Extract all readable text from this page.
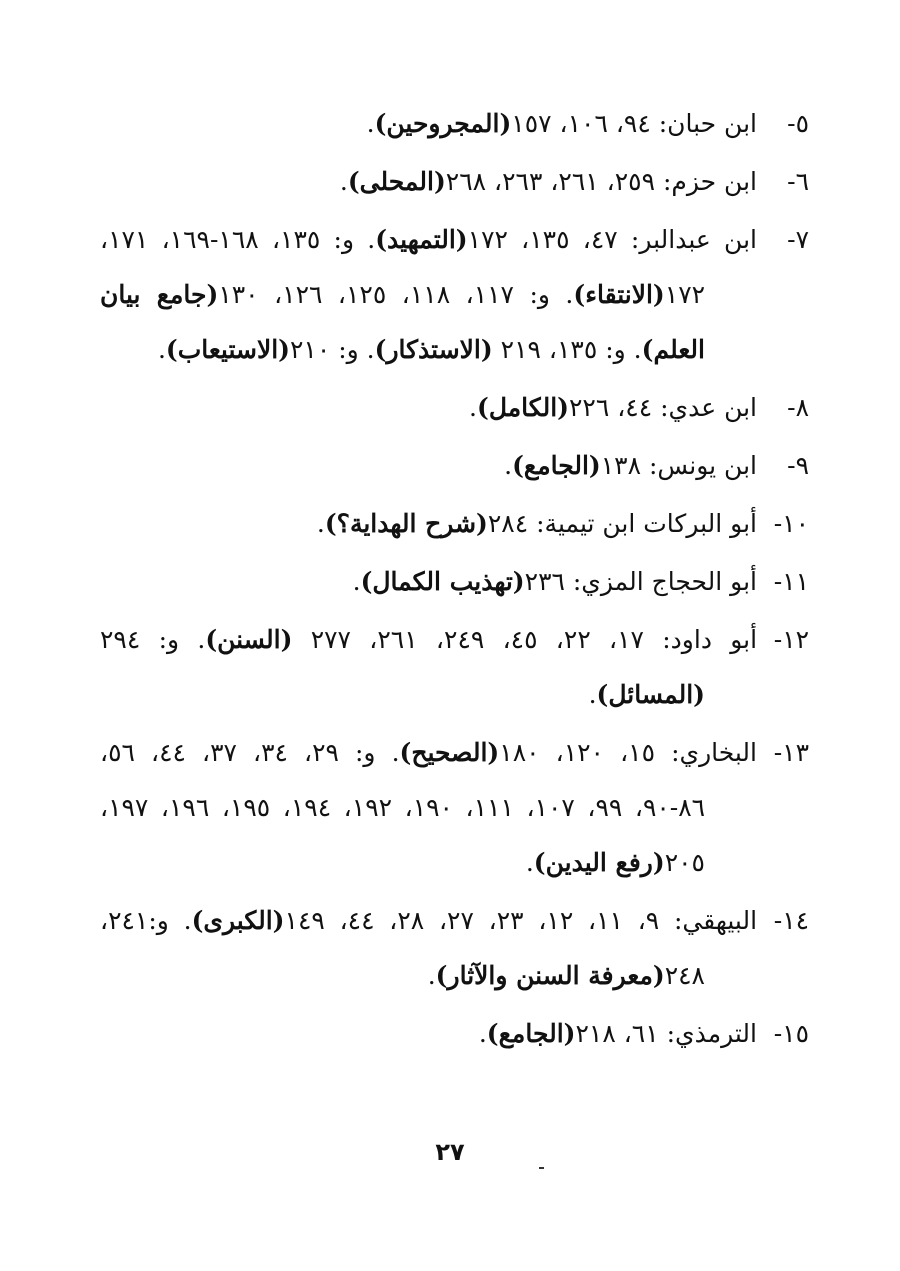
٥-ابن حبان: ٩٤، ١٠٦، ١٥٧(المجروحين).
٦-ابن حزم: ٢٥٩، ٢٦١، ٢٦٣، ٢٦٨(المحلى).
٧-ابن عبدالبر: ٤٧، ١٣٥، ١٧٢(التمهيد). و: ١٣٥، ١٦٨-١٦٩، ١٧١، ١٧٢(الانتقاء). و: ١١٧، ١١٨، ١٢٥، ١٢٦، ١٣٠(جامع بيان العلم). و: ١٣٥، ٢١٩ (الاستذكار). و: ٢١٠(الاستيعاب).
٨-ابن عدي: ٤٤، ٢٢٦(الكامل).
٩-ابن يونس: ١٣٨(الجامع).
١٠-أبو البركات ابن تيمية: ٢٨٤(شرح الهداية؟).
١١-أبو الحجاج المزي: ٢٣٦(تهذيب الكمال).
١٢-أبو داود: ١٧، ٢٢، ٤٥، ٢٤٩، ٢٦١، ٢٧٧ (السنن). و: ٢٩٤ (المسائل).
١٣-البخاري: ١٥، ١٢٠، ١٨٠(الصحيح). و: ٢٩، ٣٤، ٣٧، ٤٤، ٥٦، ٨٦-٩٠، ٩٩، ١٠٧، ١١١، ١٩٠، ١٩٢، ١٩٤، ١٩٥، ١٩٦، ١٩٧، ٢٠٥(رفع اليدين).
١٤-البيهقي: ٩، ١١، ١٢، ٢٣، ٢٧، ٢٨، ٤٤، ١٤٩(الكبرى). و:٢٤١، ٢٤٨(معرفة السنن والآثار).
١٥-الترمذي: ٦١، ٢١٨(الجامع).
٢٧
